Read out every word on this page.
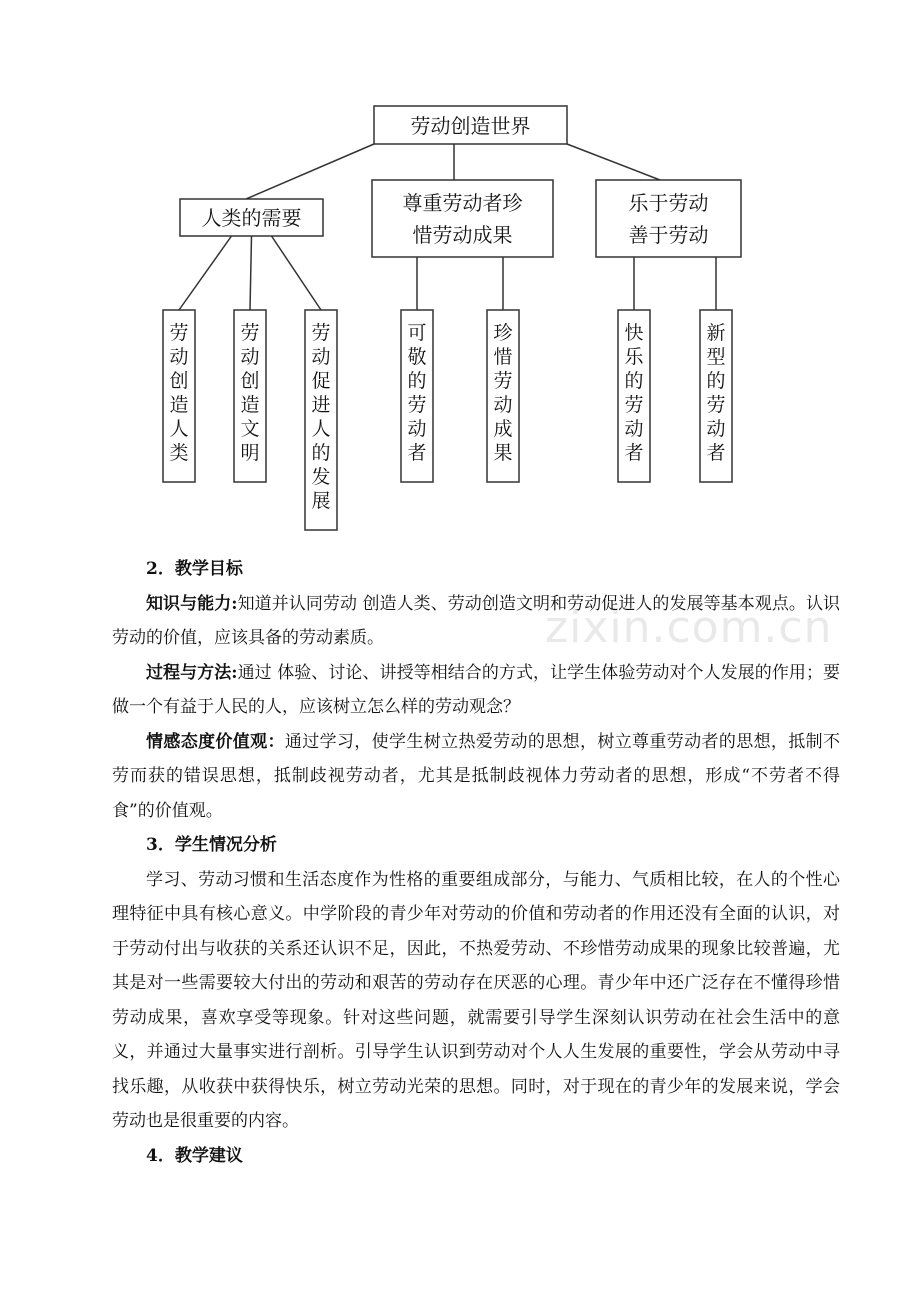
劳动创造世界
人类的需要
劳
动
创
造
人
类
劳
动
创
造
文
明
劳
动
促
进
人
的
发
展
尊重劳动者珍
惜劳动成果
可
敬
的
劳
动
者
珍
惜
劳
动
成
果
乐于劳动
善于劳动
快
乐
的
劳
动
者
新
型
的
劳
动
者
zixin.com.cn
2．教学目标

知识与能力:知道并认同劳动 创造人类、劳动创造文明和劳动促进人的发展等基本观点。认识劳动的价值，应该具备的劳动素质。

过程与方法:通过 体验、讨论、讲授等相结合的方式，让学生体验劳动对个人发展的作用；要做一个有益于人民的人，应该树立怎么样的劳动观念？

情感态度价值观：通过学习，使学生树立热爱劳动的思想，树立尊重劳动者的思想，抵制不劳而获的错误思想，抵制歧视劳动者，尤其是抵制歧视体力劳动者的思想，形成“不劳者不得食”的价值观。

3．学生情况分析

学习、劳动习惯和生活态度作为性格的重要组成部分，与能力、气质相比较，在人的个性心理特征中具有核心意义。中学阶段的青少年对劳动的价值和劳动者的作用还没有全面的认识，对于劳动付出与收获的关系还认识不足，因此，不热爱劳动、不珍惜劳动成果的现象比较普遍，尤其是对一些需要较大付出的劳动和艰苦的劳动存在厌恶的心理。青少年中还广泛存在不懂得珍惜劳动成果，喜欢享受等现象。针对这些问题，就需要引导学生深刻认识劳动在社会生活中的意义，并通过大量事实进行剖析。引导学生认识到劳动对个人人生发展的重要性，学会从劳动中寻找乐趣，从收获中获得快乐，树立劳动光荣的思想。同时，对于现在的青少年的发展来说，学会劳动也是很重要的内容。

4．教学建议
